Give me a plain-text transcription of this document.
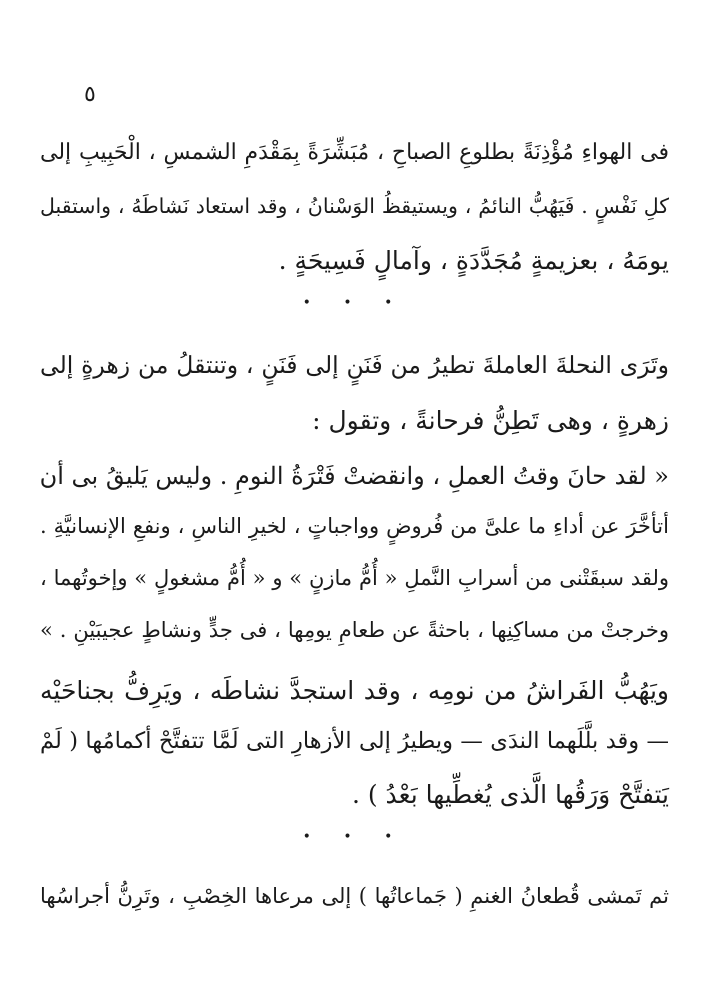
٥
فى الهواءِ مُؤْذِنَةً بطلوعِ الصباحِ ، مُبَشِّرَةً بِمَقْدَمِ الشمسِ ، الْحَبِيبِ إلى
كلِ نَفْسٍ . فَيَهُبُّ النائمُ ، ويستيقظُ الوَسْنانُ ، وقد استعاد نَشاطَهُ ، واستقبل
يومَهُ ، بعزيمةٍ مُجَدَّدَةٍ ، وآمالٍ فَسِيحَةٍ .
• • •
وتَرَى النحلةَ العاملةَ تطيرُ من فَنَنٍ إلى فَنَنٍ ، وتنتقلُ من زهرةٍ إلى
زهرةٍ ، وهى تَطِنُّ فرحانةً ، وتقول :
« لقد حانَ وقتُ العملِ ، وانقضتْ فَتْرَةُ النومِ . وليس يَليقُ بى أن
أتأخَّرَ عن أداءِ ما علىَّ من فُروضٍ وواجباتٍ ، لخيرِ الناسِ ، ونفعِ الإنسانيَّةِ .
ولقد سبقَتْنى من أسرابِ النَّملِ « أُمُّ مازنٍ » و « أُمُّ مشغولٍ » وإخوتُهما ،
وخرجتْ من مساكِنِها ، باحثةً عن طعامِ يومِها ، فى جدٍّ ونشاطٍ عجيبَيْنِ . »
ويَهُبُّ الفَراشُ من نومِه ، وقد استجدَّ نشاطَه ، ويَرِفُّ بجناحَيْه
— وقد بلَّلَهما الندَى — ويطيرُ إلى الأزهارِ التى لَمَّا تتفتَّحْ أكمامُها ( لَمْ
يَتفتَّحْ وَرَقُها الَّذى يُغطِّيها بَعْدُ ) .
• • •
ثم تَمشى قُطعانُ الغنمِ ( جَماعاتُها ) إلى مرعاها الخِصْبِ ، وتَرِنُّ أجراسُها
